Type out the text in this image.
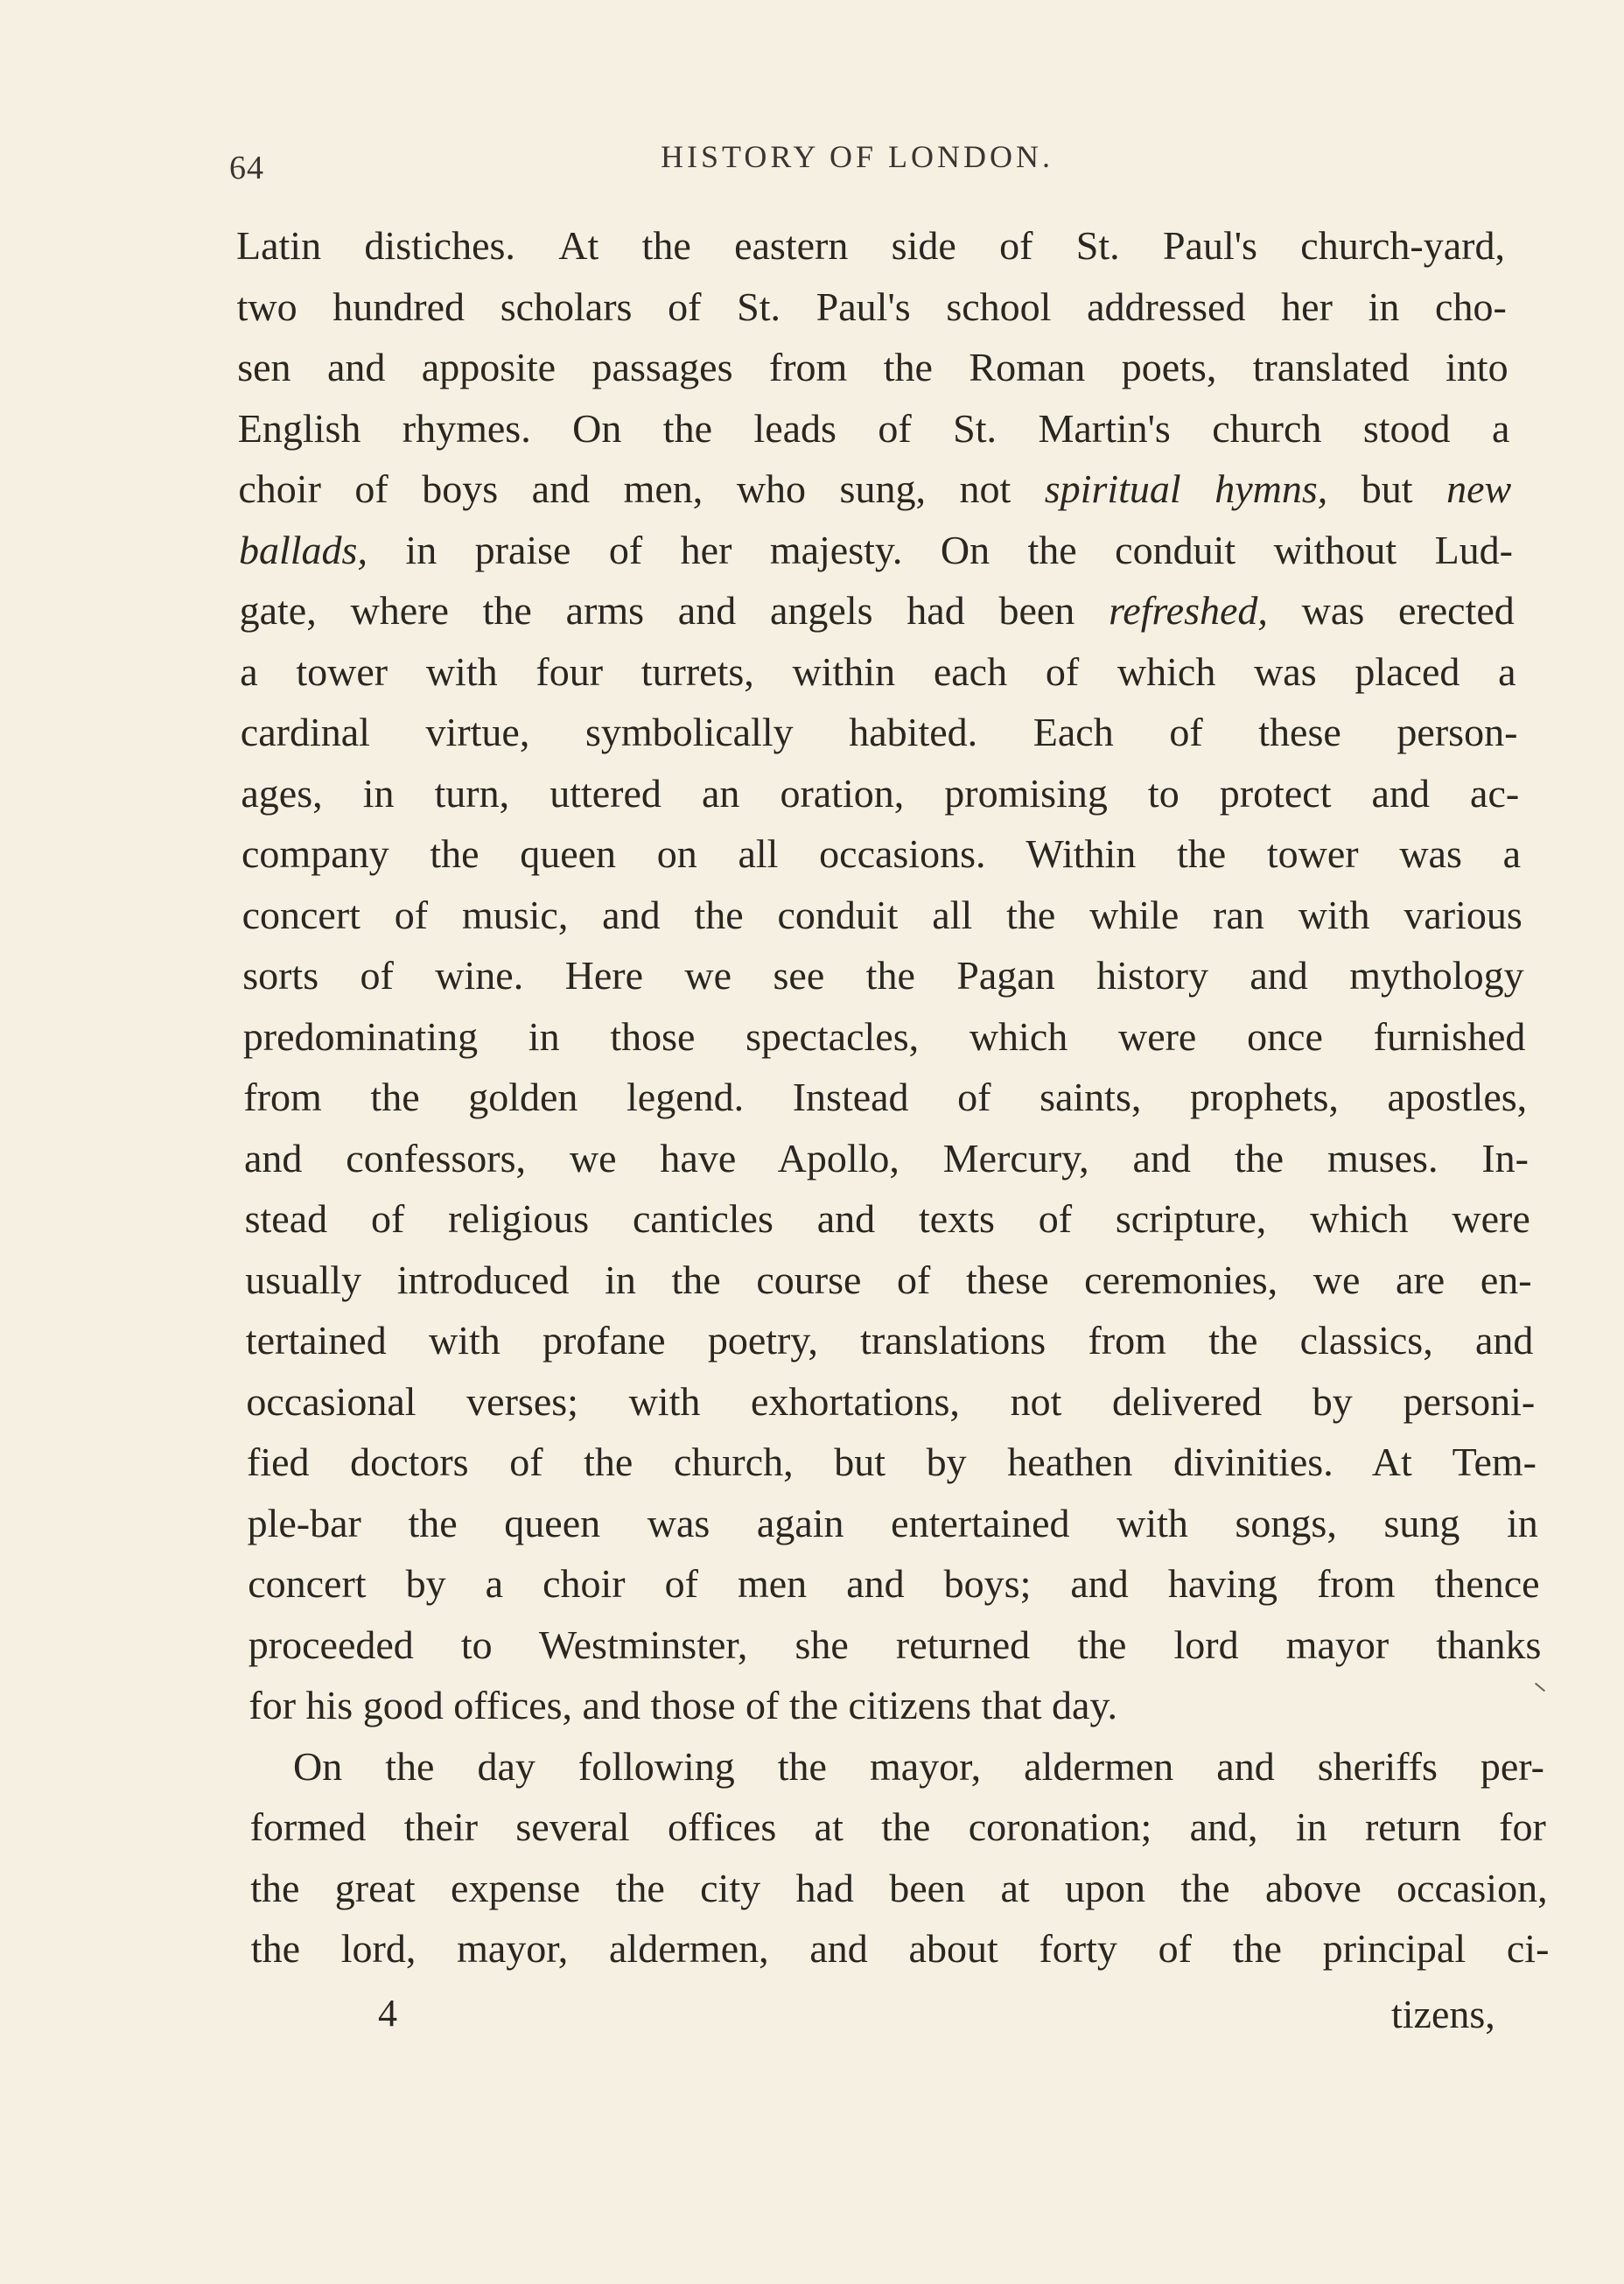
64	HISTORY OF LONDON.
Latin disticheѕ. At the eastern side of St. Paul's church-yard,
two hundred scholars of St. Paul's school addressed her in cho-
sen and apposite passages from the Roman poets, translated into
English rhymes. On the leads of St. Martin's church stood a
choir of boys and men, who sung, not spiritual hymns, but new
ballads, in praise of her majesty. On the conduit without Lud-
gate, where the arms and angels had been refreshed, was erected
a tower with four turrets, within each of which was placed a
cardinal virtue, symbolically habited. Each of these person-
ages, in turn, uttered an oration, promising to protect and ac-
company the queen on all occasions. Within the tower was a
concert of music, and the conduit all the while ran with various
sorts of wine. Here we see the Pagan history and mythology
predominating in those spectacles, which were once furnished
from the golden legend. Instead of saints, prophets, apostles,
and confessors, we have Apollo, Mercury, and the muses. In-
stead of religious canticles and texts of scripture, which were
usually introduced in the course of these ceremonies, we are en-
tertained with profane poetry, translations from the classics, and
occasional verses; with exhortations, not delivered by personi-
fied doctors of the church, but by heathen divinities. At Tem-
ple-bar the queen was again entertained with songs, sung in
concert by a choir of men and boys; and having from thence
proceeded to Westminster, she returned the lord mayor thanks
for his good offices, and those of the citizens that day.
On the day following the mayor, aldermen and sheriffs per-
formed their several offices at the coronation; and, in return for
the great expense the city had been at upon the above occasion,
the lord, mayor, aldermen, and about forty of the principal ci-
4	tizens,
